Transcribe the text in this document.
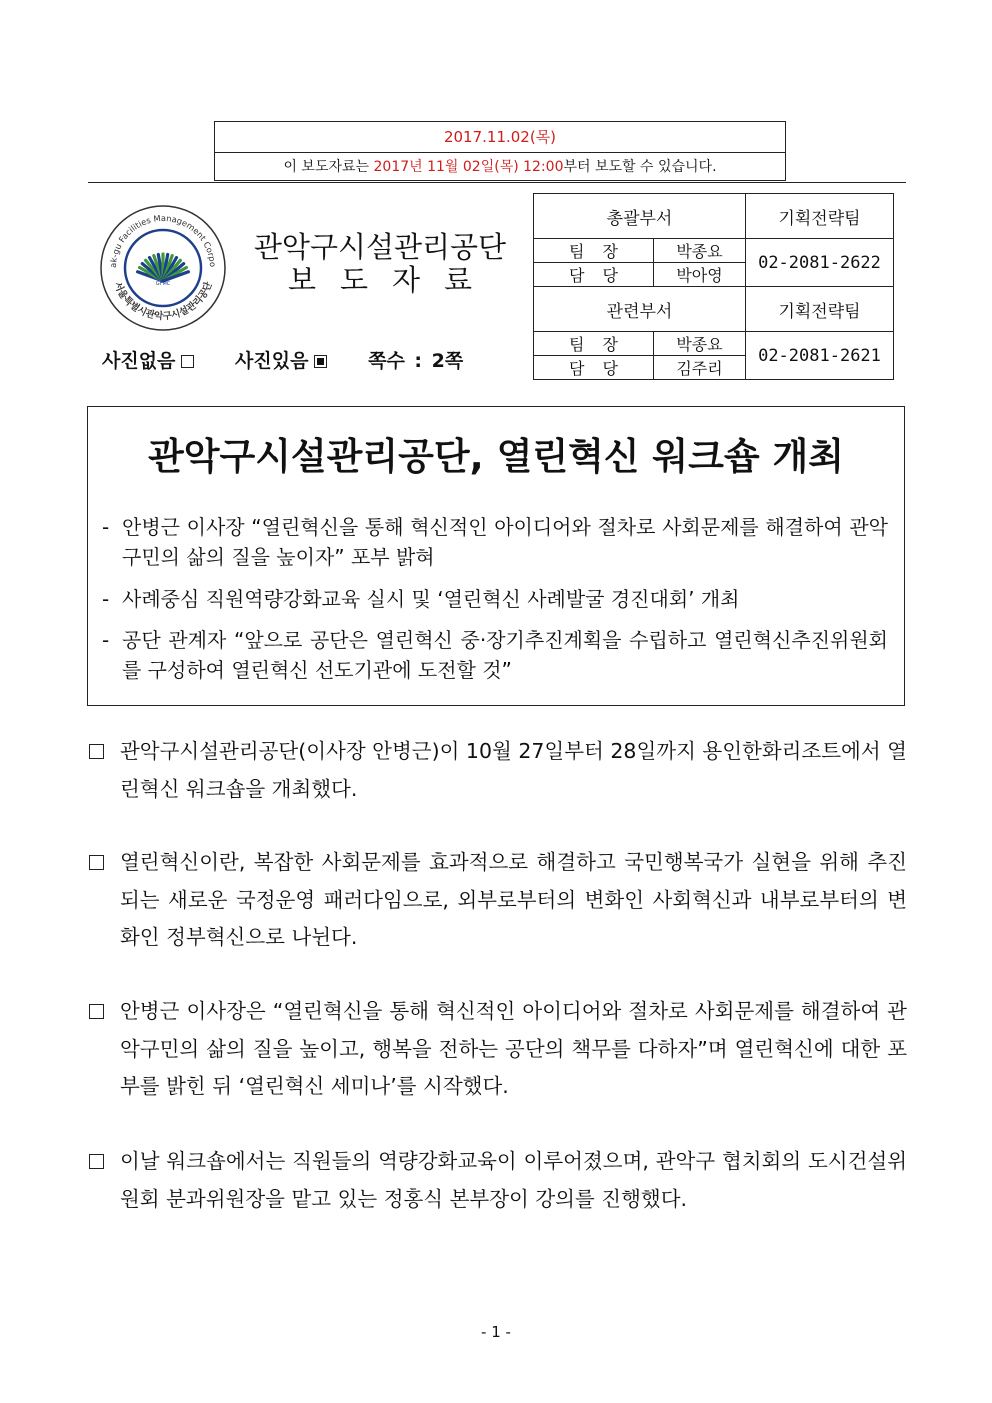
2017.11.02(목)
이 보도자료는 2017년 11월 02일(목) 12:00부터 보도할 수 있습니다.
ak-gu Facilities Management Corpo
서울특별시관악구시설관리공단
GFMC
관악구시설관리공단
보도자료
사진없음	사진있음	쪽수 : 2쪽
총괄부서		기획전략팀
팀장	박종요	02-2081-2622
담당	박아영	
관련부서		기획전략팀
팀장	박종요	02-2081-2621
담당	김주리	
관악구시설관리공단, 열린혁신 워크숍 개최
- 안병근 이사장 “열린혁신을 통해 혁신적인 아이디어와 절차로 사회문제를 해결하여 관악구민의 삶의 질을 높이자” 포부 밝혀
- 사례중심 직원역량강화교육 실시 및 ‘열린혁신 사례발굴 경진대회’ 개최
- 공단 관계자 “앞으로 공단은 열린혁신 중·장기추진계획을 수립하고 열린혁신추진위원회를 구성하여 열린혁신 선도기관에 도전할 것”
관악구시설관리공단(이사장 안병근)이 10월 27일부터 28일까지 용인한화리조트에서 열린혁신 워크숍을 개최했다.
열린혁신이란, 복잡한 사회문제를 효과적으로 해결하고 국민행복국가 실현을 위해 추진되는 새로운 국정운영 패러다임으로, 외부로부터의 변화인 사회혁신과 내부로부터의 변화인 정부혁신으로 나뉜다.
안병근 이사장은 “열린혁신을 통해 혁신적인 아이디어와 절차로 사회문제를 해결하여 관악구민의 삶의 질을 높이고, 행복을 전하는 공단의 책무를 다하자”며 열린혁신에 대한 포부를 밝힌 뒤 ‘열린혁신 세미나’를 시작했다.
이날 워크숍에서는 직원들의 역량강화교육이 이루어졌으며, 관악구 협치회의 도시건설위원회 분과위원장을 맡고 있는 정홍식 본부장이 강의를 진행했다.
- 1 -
